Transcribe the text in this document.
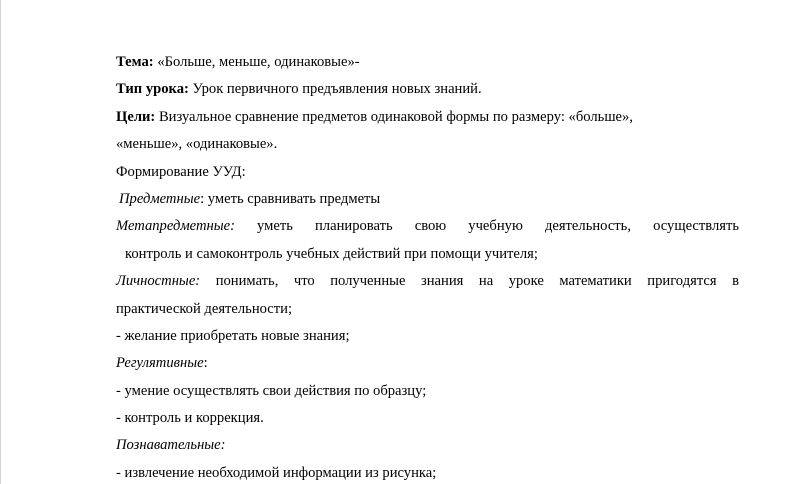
Тема: «Больше, меньше, одинаковые»-
Тип урока: Урок первичного предъявления новых знаний.
Цели: Визуальное сравнение предметов одинаковой формы по размеру: «больше»,
«меньше», «одинаковые».
Формирование УУД:
Предметные: уметь сравнивать предметы
Метапредметные: уметь планировать свою учебную деятельность, осуществлять
контроль и самоконтроль учебных действий при помощи учителя;
Личностные: понимать, что полученные знания на уроке математики пригодятся в
практической деятельности;
- желание приобретать новые знания;
Регулятивные:
- умение осуществлять свои действия по образцу;
- контроль и коррекция.
Познавательные:
- извлечение необходимой информации из рисунка;
